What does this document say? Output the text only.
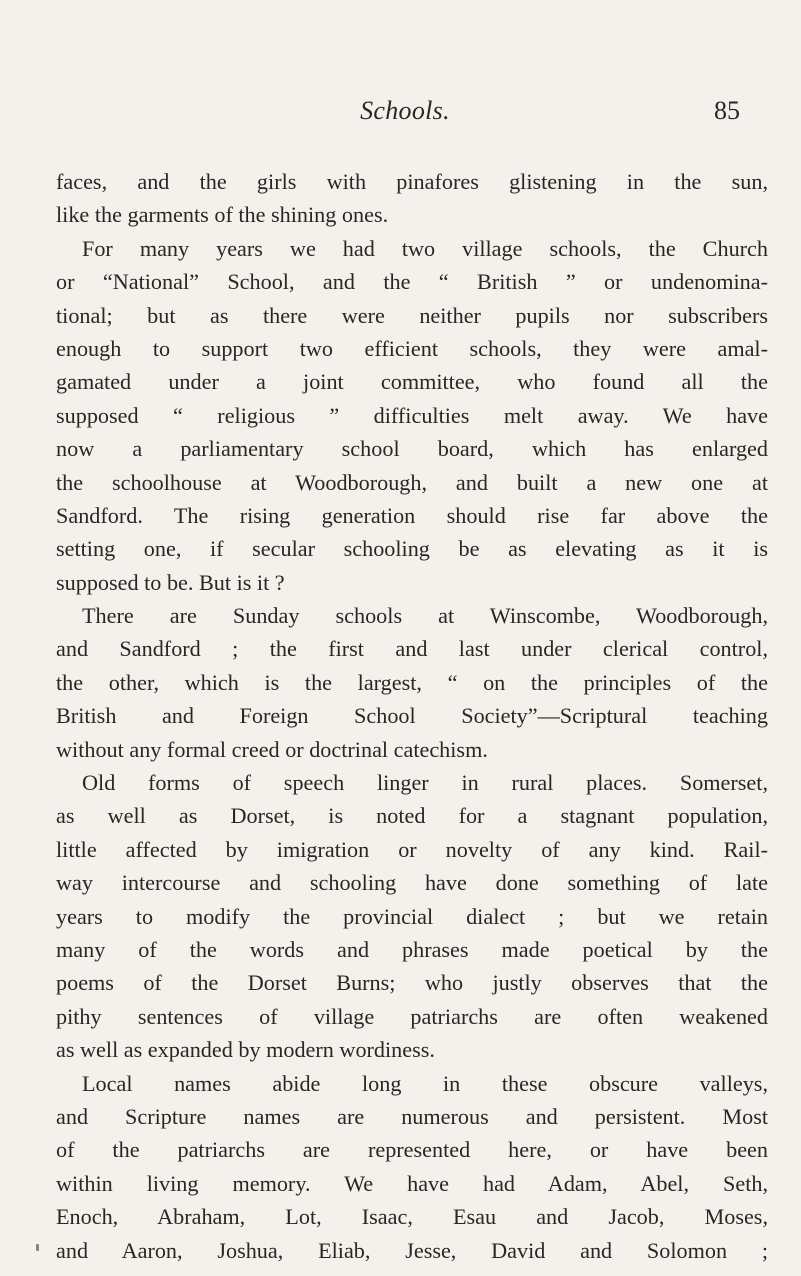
Schools.	85
faces, and the girls with pinafores glistening in the sun,
like the garments of the shining ones.
For many years we had two village schools, the Church
or “National” School, and the “ British ” or undenomina-
tional; but as there were neither pupils nor subscribers
enough to support two efficient schools, they were amal-
gamated under a joint committee, who found all the
supposed “ religious ” difficulties melt away. We have
now a parliamentary school board, which has enlarged
the schoolhouse at Woodborough, and built a new one at
Sandford. The rising generation should rise far above the
setting one, if secular schooling be as elevating as it is
supposed to be. But is it ?
There are Sunday schools at Winscombe, Woodborough,
and Sandford ; the first and last under clerical control,
the other, which is the largest, “ on the principles of the
British and Foreign School Society”—Scriptural teaching
without any formal creed or doctrinal catechism.
Old forms of speech linger in rural places. Somerset,
as well as Dorset, is noted for a stagnant population,
little affected by imigration or novelty of any kind. Rail-
way intercourse and schooling have done something of late
years to modify the provincial dialect ; but we retain
many of the words and phrases made poetical by the
poems of the Dorset Burns; who justly observes that the
pithy sentences of village patriarchs are often weakened
as well as expanded by modern wordiness.
Local names abide long in these obscure valleys,
and Scripture names are numerous and persistent. Most
of the patriarchs are represented here, or have been
within living memory. We have had Adam, Abel, Seth,
Enoch, Abraham, Lot, Isaac, Esau and Jacob, Moses,
and Aaron, Joshua, Eliab, Jesse, David and Solomon ;
